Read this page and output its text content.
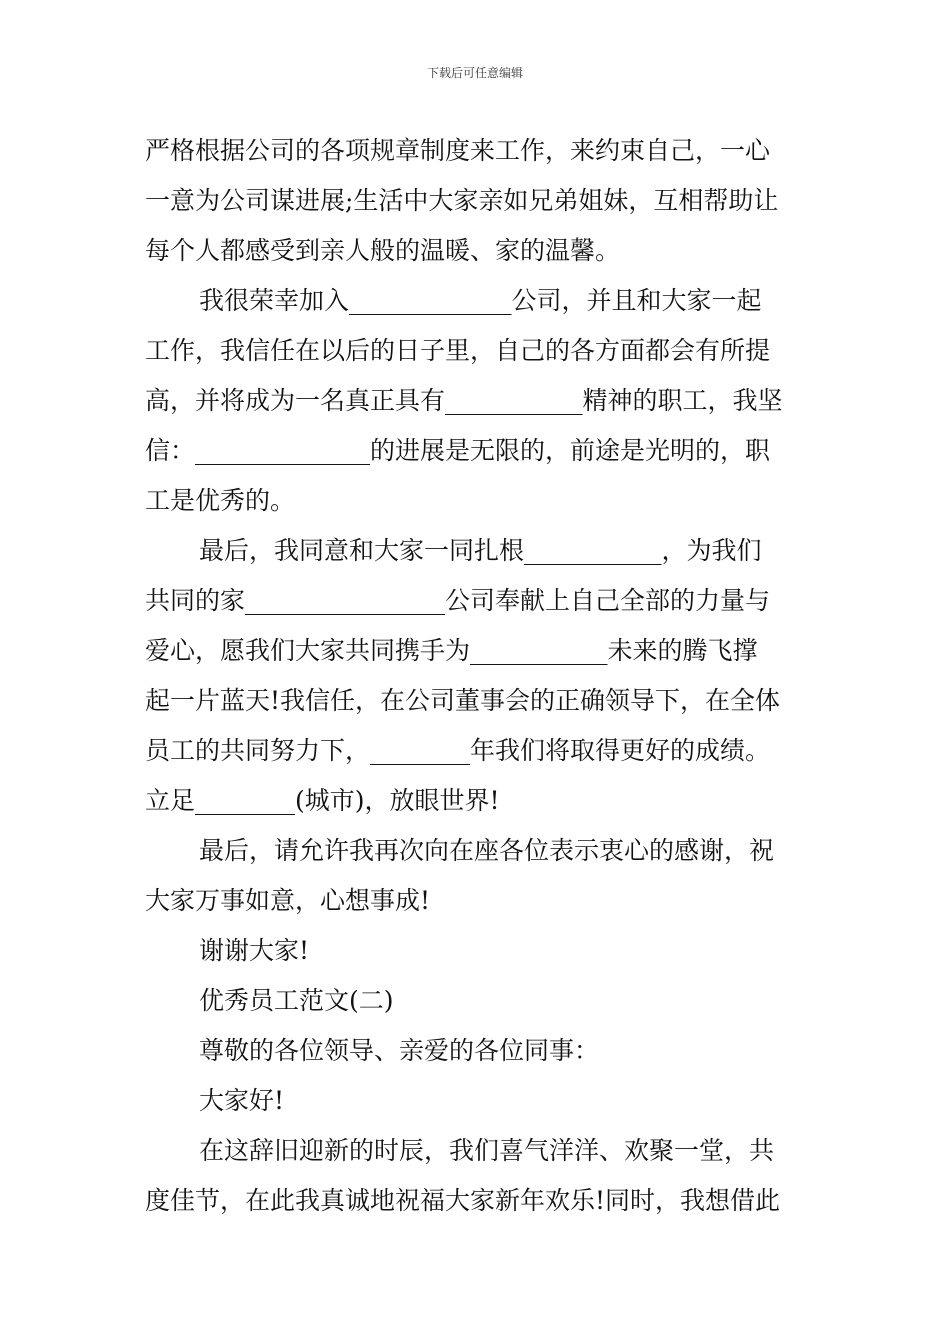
下载后可任意编辑
严格根据公司的各项规章制度来工作，来约束自己，一心
一意为公司谋进展;生活中大家亲如兄弟姐妹，互相帮助让
每个人都感受到亲人般的温暖、家的温馨。
我很荣幸加入_____________公司，并且和大家一起
工作，我信任在以后的日子里，自己的各方面都会有所提
高，并将成为一名真正具有___________精神的职工，我坚
信：______________的进展是无限的，前途是光明的，职
工是优秀的。
最后，我同意和大家一同扎根___________，为我们
共同的家________________公司奉献上自己全部的力量与
爱心，愿我们大家共同携手为___________未来的腾飞撑
起一片蓝天!我信任，在公司董事会的正确领导下，在全体
员工的共同努力下，________年我们将取得更好的成绩。
立足________(城市)，放眼世界!
最后，请允许我再次向在座各位表示衷心的感谢，祝
大家万事如意，心想事成!
谢谢大家!
优秀员工范文(二)
尊敬的各位领导、亲爱的各位同事：
大家好!
在这辞旧迎新的时辰，我们喜气洋洋、欢聚一堂，共
度佳节，在此我真诚地祝福大家新年欢乐!同时，我想借此
